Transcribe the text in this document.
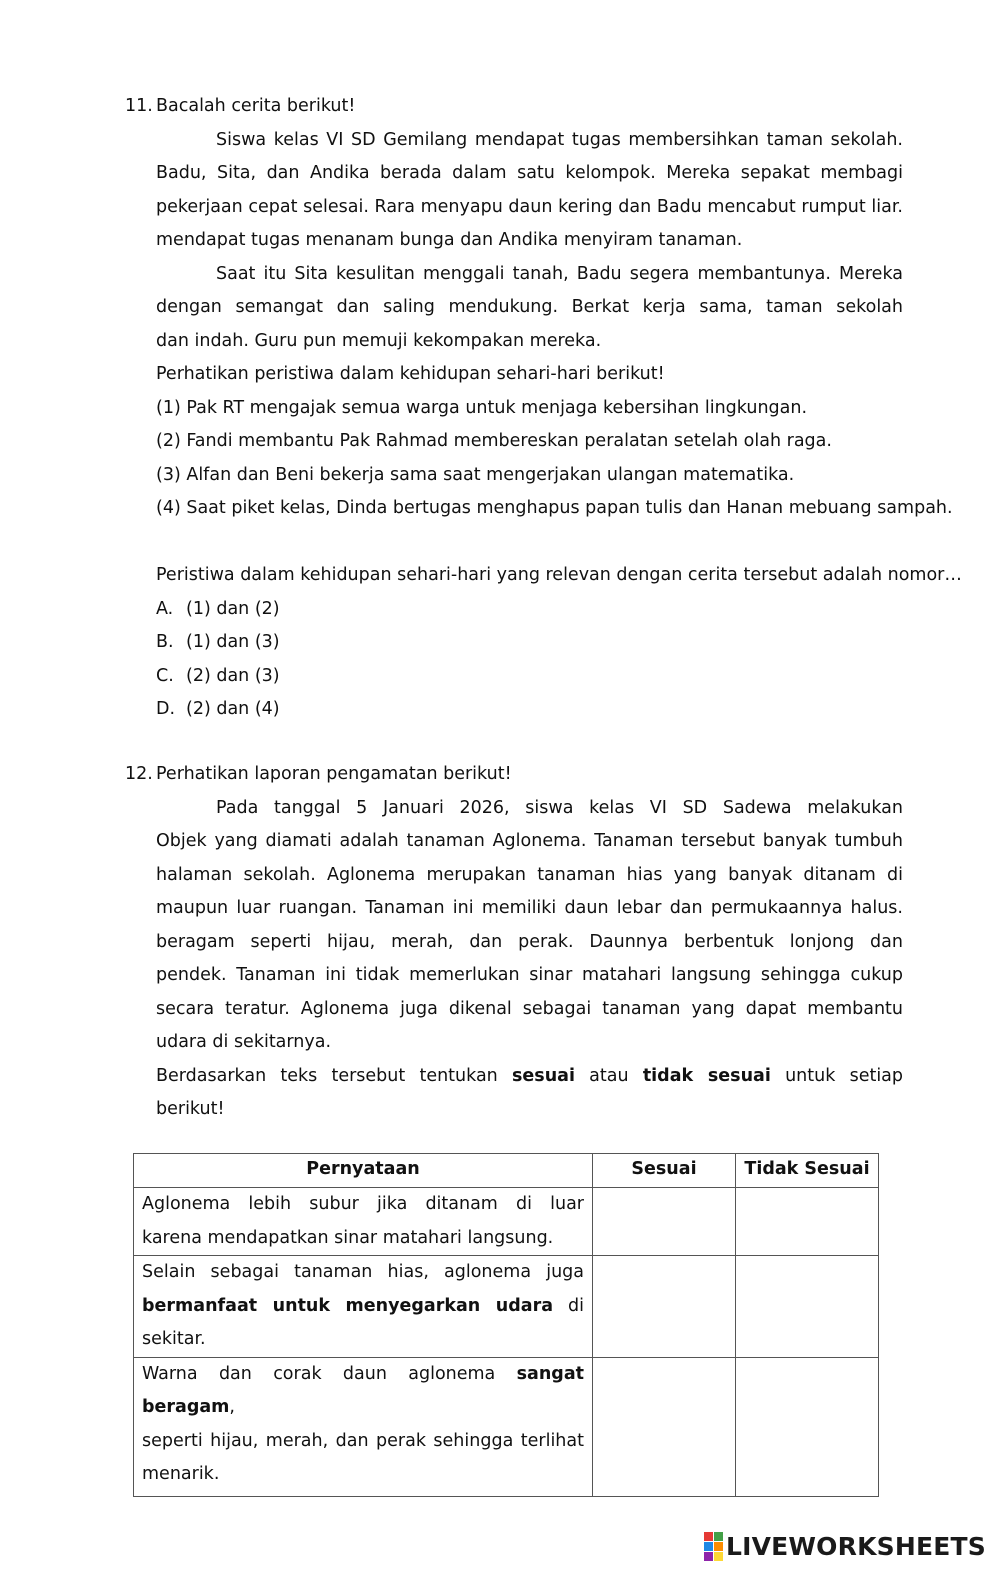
11. Bacalah cerita berikut!
Siswa kelas VI SD Gemilang mendapat tugas membersihkan taman sekolah.
Badu, Sita, dan Andika berada dalam satu kelompok. Mereka sepakat membagi
pekerjaan cepat selesai. Rara menyapu daun kering dan Badu mencabut rumput liar.
mendapat tugas menanam bunga dan Andika menyiram tanaman.
Saat itu Sita kesulitan menggali tanah, Badu segera membantunya. Mereka
dengan semangat dan saling mendukung. Berkat kerja sama, taman sekolah
dan indah. Guru pun memuji kekompakan mereka.
Perhatikan peristiwa dalam kehidupan sehari-hari berikut!
(1) Pak RT mengajak semua warga untuk menjaga kebersihan lingkungan.
(2) Fandi membantu Pak Rahmad membereskan peralatan setelah olah raga.
(3) Alfan dan Beni bekerja sama saat mengerjakan ulangan matematika.
(4) Saat piket kelas, Dinda bertugas menghapus papan tulis dan Hanan mebuang sampah.
Peristiwa dalam kehidupan sehari-hari yang relevan dengan cerita tersebut adalah nomor…
A. (1) dan (2)
B. (1) dan (3)
C. (2) dan (3)
D. (2) dan (4)
12. Perhatikan laporan pengamatan berikut!
Pada tanggal 5 Januari 2026, siswa kelas VI SD Sadewa melakukan
Objek yang diamati adalah tanaman Aglonema. Tanaman tersebut banyak tumbuh
halaman sekolah. Aglonema merupakan tanaman hias yang banyak ditanam di
maupun luar ruangan. Tanaman ini memiliki daun lebar dan permukaannya halus.
beragam seperti hijau, merah, dan perak. Daunnya berbentuk lonjong dan
pendek. Tanaman ini tidak memerlukan sinar matahari langsung sehingga cukup
secara teratur. Aglonema juga dikenal sebagai tanaman yang dapat membantu
udara di sekitarnya.
Berdasarkan teks tersebut tentukan sesuai atau tidak sesuai untuk setiap
berikut!
Pernyataan	Sesuai	Tidak Sesuai

Aglonema lebih subur jika ditanam di luar
karena mendapatkan sinar matahari langsung.		

Selain sebagai tanaman hias, aglonema juga
bermanfaat untuk menyegarkan udara di sekitar.		

Warna dan corak daun aglonema sangat beragam,
seperti hijau, merah, dan perak sehingga terlihat
menarik.		

LIVEWORKSHEETS
